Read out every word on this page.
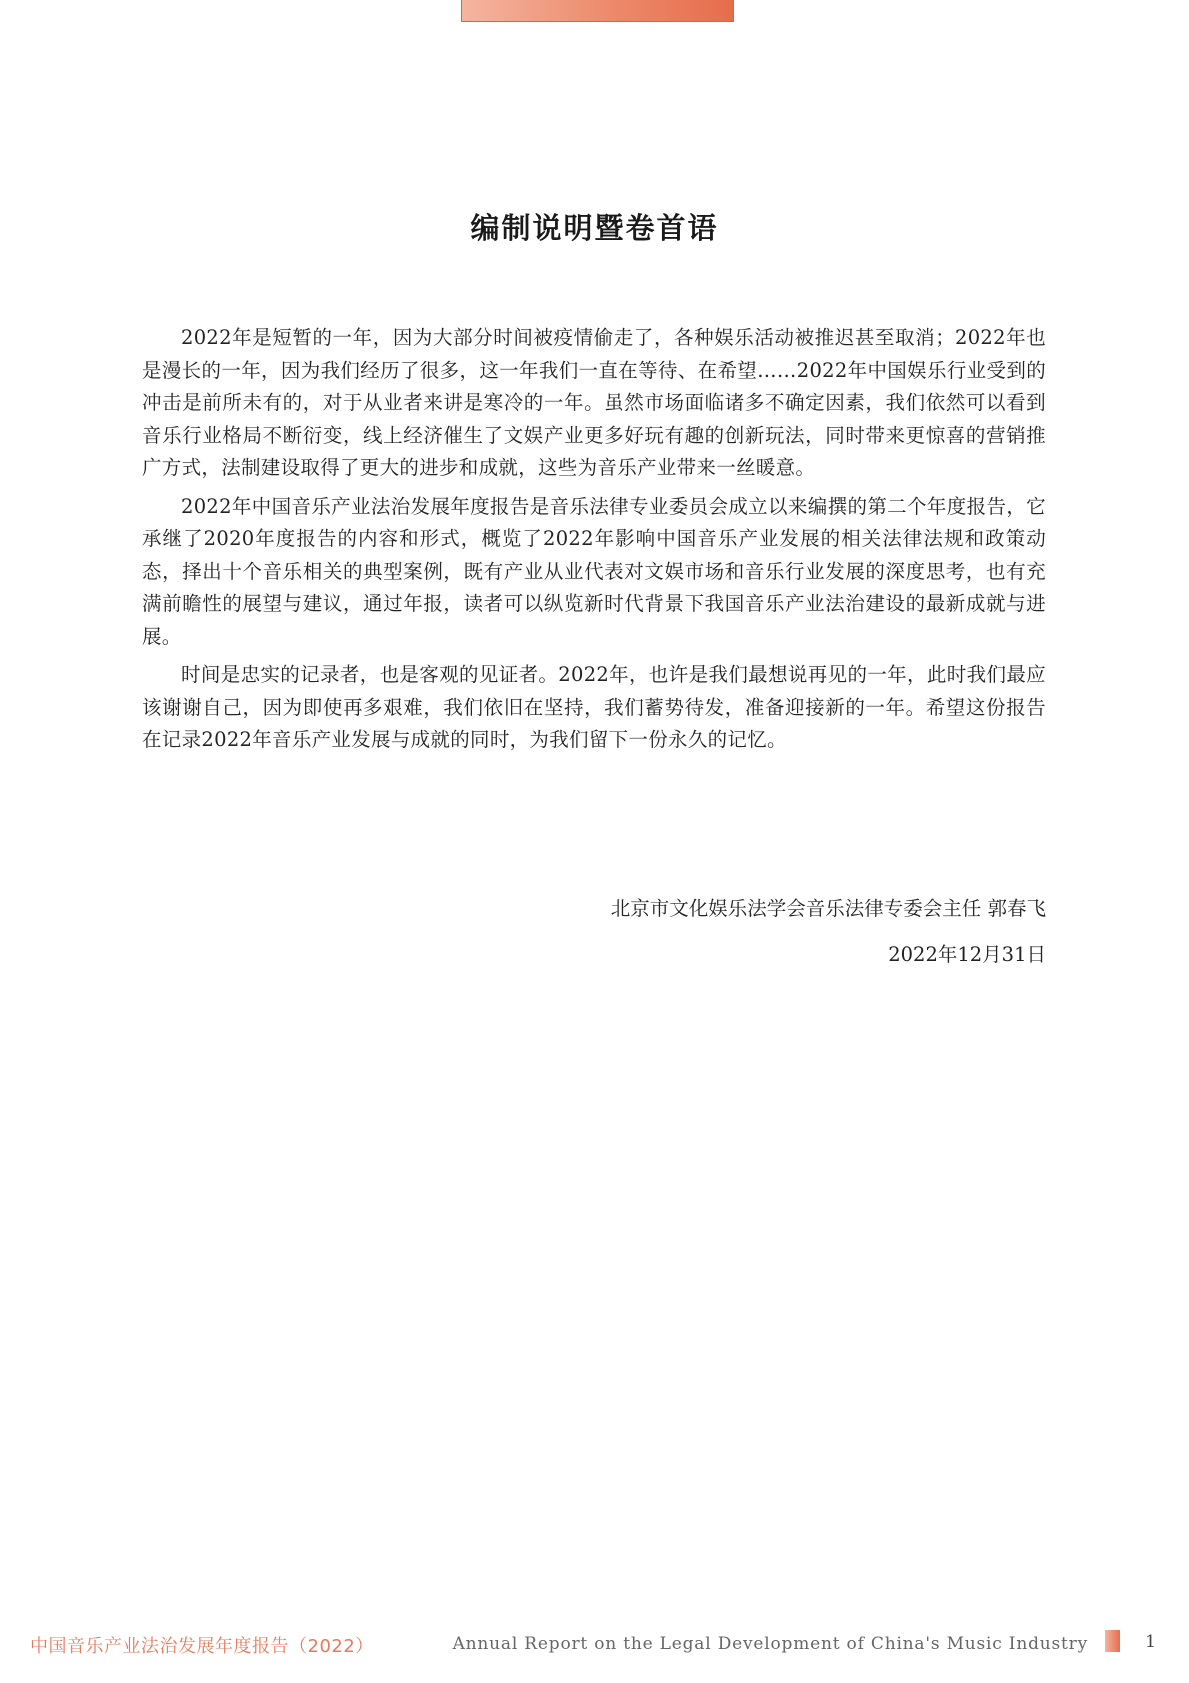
编制说明暨卷首语

2022年是短暂的一年，因为大部分时间被疫情偷走了，各种娱乐活动被推迟甚至取消；2022年也是漫长的一年，因为我们经历了很多，这一年我们一直在等待、在希望……2022年中国娱乐行业受到的冲击是前所未有的，对于从业者来讲是寒冷的一年。虽然市场面临诸多不确定因素，我们依然可以看到音乐行业格局不断衍变，线上经济催生了文娱产业更多好玩有趣的创新玩法，同时带来更惊喜的营销推广方式，法制建设取得了更大的进步和成就，这些为音乐产业带来一丝暖意。

2022年中国音乐产业法治发展年度报告是音乐法律专业委员会成立以来编撰的第二个年度报告，它承继了2020年度报告的内容和形式，概览了2022年影响中国音乐产业发展的相关法律法规和政策动态，择出十个音乐相关的典型案例，既有产业从业代表对文娱市场和音乐行业发展的深度思考，也有充满前瞻性的展望与建议，通过年报，读者可以纵览新时代背景下我国音乐产业法治建设的最新成就与进展。

时间是忠实的记录者，也是客观的见证者。2022年，也许是我们最想说再见的一年，此时我们最应该谢谢自己，因为即使再多艰难，我们依旧在坚持，我们蓄势待发，准备迎接新的一年。希望这份报告在记录2022年音乐产业发展与成就的同时，为我们留下一份永久的记忆。

北京市文化娱乐法学会音乐法律专委会主任 郭春飞
2022年12月31日
中国音乐产业法治发展年度报告（2022）	Annual Report on the Legal Development of China's Music Industry	1
